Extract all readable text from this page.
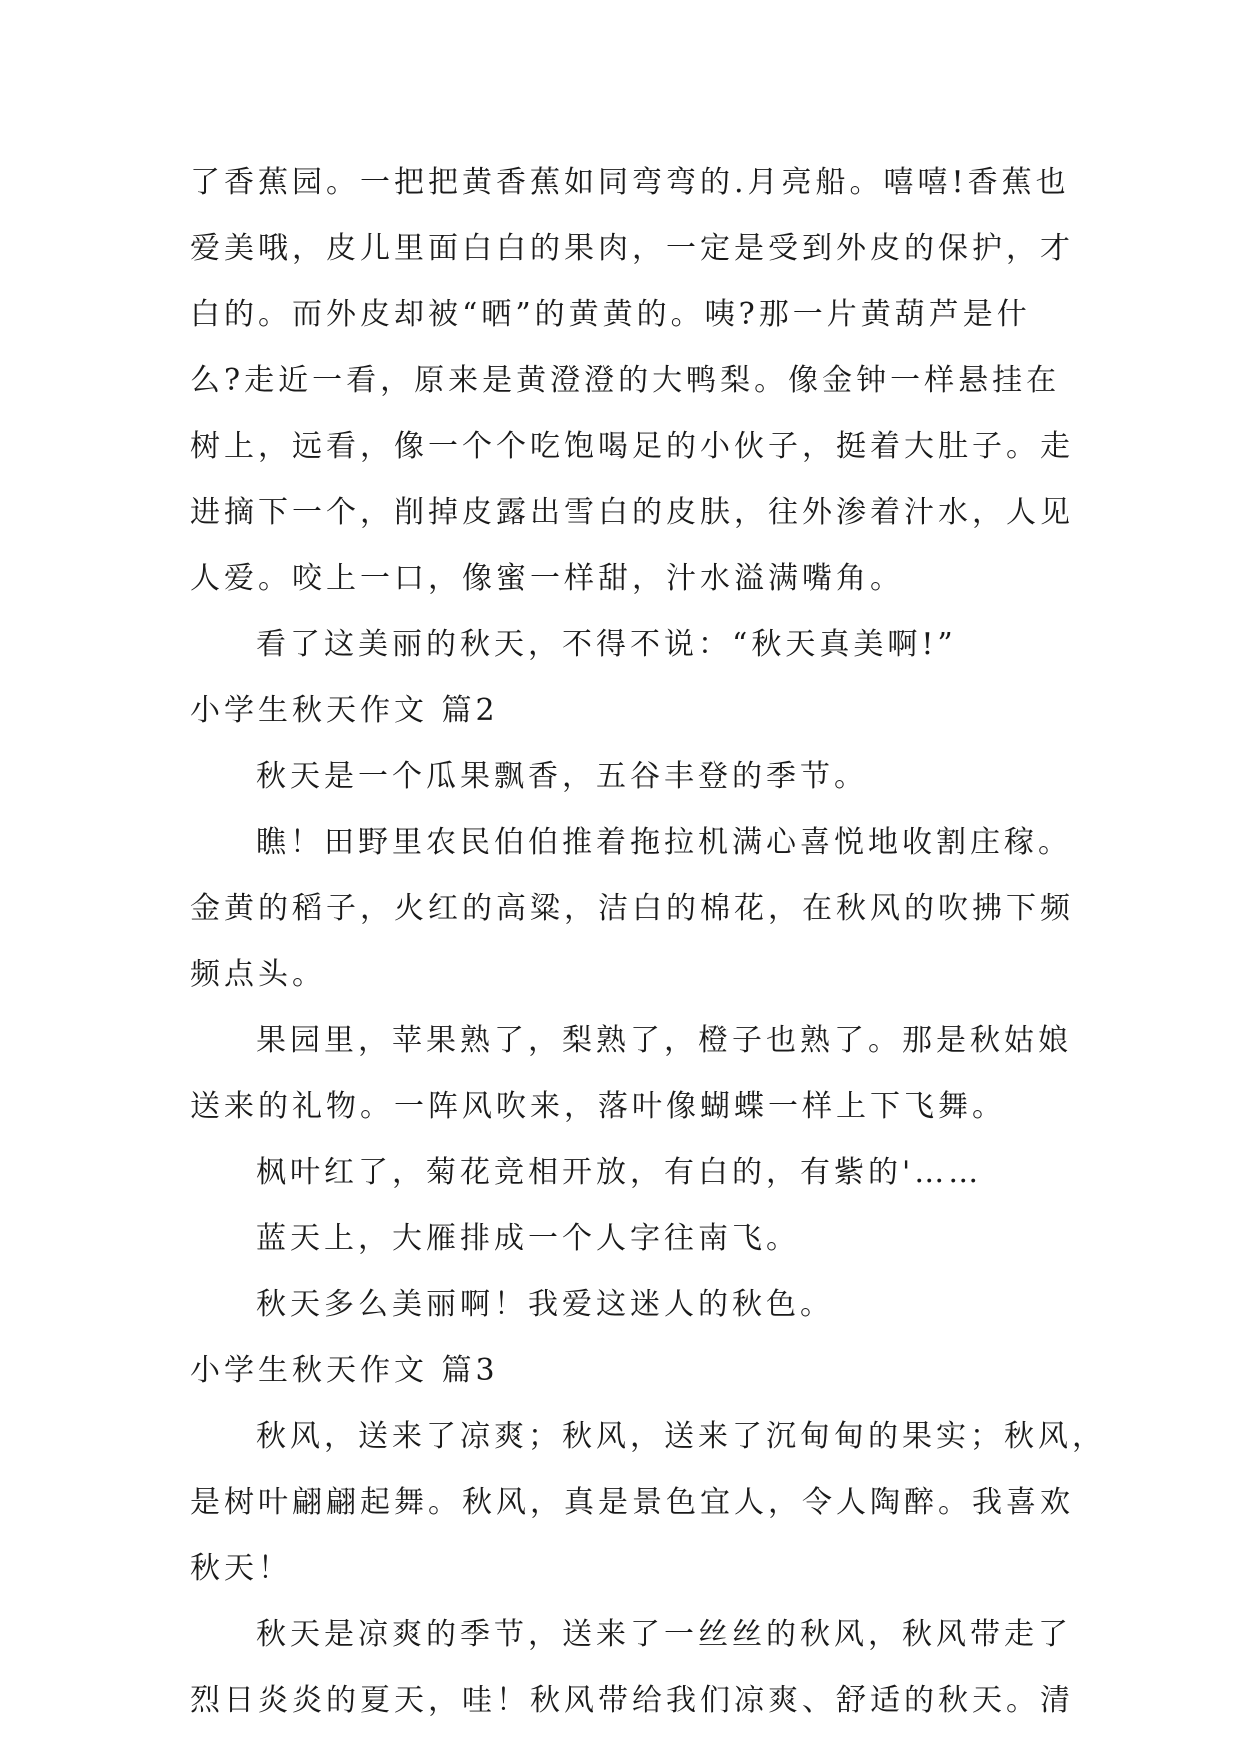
了香蕉园。一把把黄香蕉如同弯弯的.月亮船。嘻嘻!香蕉也
爱美哦，皮儿里面白白的果肉，一定是受到外皮的保护，才
白的。而外皮却被“晒”的黄黄的。咦?那一片黄葫芦是什
么?走近一看，原来是黄澄澄的大鸭梨。像金钟一样悬挂在
树上，远看，像一个个吃饱喝足的小伙子，挺着大肚子。走
进摘下一个，削掉皮露出雪白的皮肤，往外渗着汁水，人见
人爱。咬上一口，像蜜一样甜，汁水溢满嘴角。
看了这美丽的秋天，不得不说：“秋天真美啊!”
小学生秋天作文 篇2
秋天是一个瓜果飘香，五谷丰登的季节。
瞧！田野里农民伯伯推着拖拉机满心喜悦地收割庄稼。
金黄的稻子，火红的高粱，洁白的棉花，在秋风的吹拂下频
频点头。
果园里，苹果熟了，梨熟了，橙子也熟了。那是秋姑娘
送来的礼物。一阵风吹来，落叶像蝴蝶一样上下飞舞。
枫叶红了，菊花竞相开放，有白的，有紫的'……
蓝天上，大雁排成一个人字往南飞。
秋天多么美丽啊！我爱这迷人的秋色。
小学生秋天作文 篇3
秋风，送来了凉爽；秋风，送来了沉甸甸的果实；秋风，
是树叶翩翩起舞。秋风，真是景色宜人，令人陶醉。我喜欢
秋天！
秋天是凉爽的季节，送来了一丝丝的秋风，秋风带走了
烈日炎炎的夏天，哇！秋风带给我们凉爽、舒适的秋天。清
